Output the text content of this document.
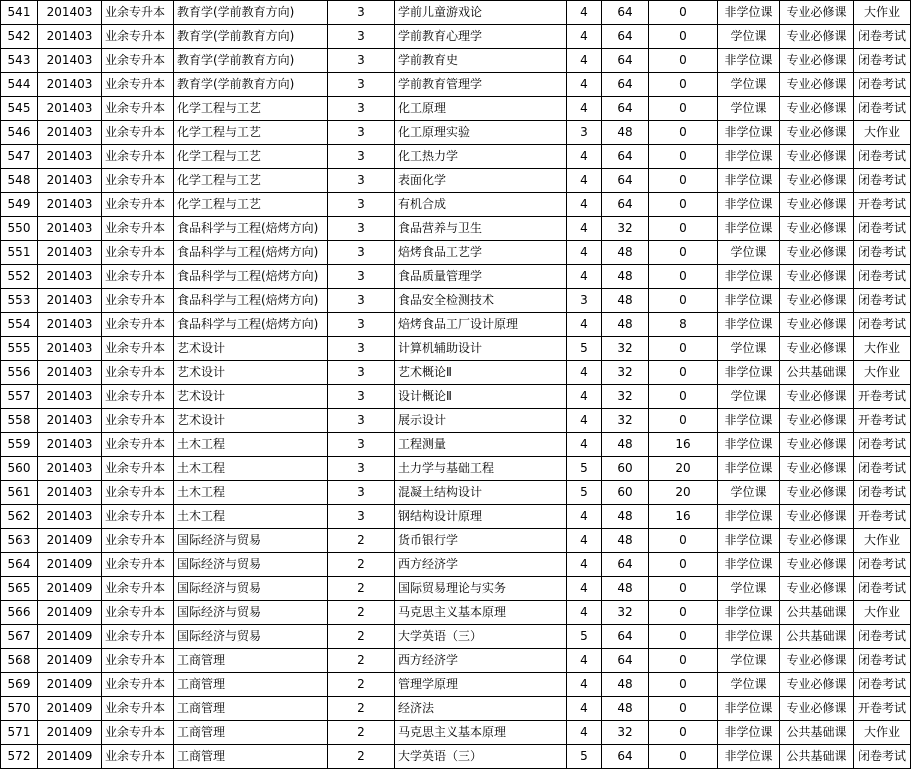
541	201403	业余专升本	教育学(学前教育方向)	3	学前儿童游戏论	4	64	0	非学位课	专业必修课	大作业
542	201403	业余专升本	教育学(学前教育方向)	3	学前教育心理学	4	64	0	学位课	专业必修课	闭卷考试
543	201403	业余专升本	教育学(学前教育方向)	3	学前教育史	4	64	0	非学位课	专业必修课	闭卷考试
544	201403	业余专升本	教育学(学前教育方向)	3	学前教育管理学	4	64	0	学位课	专业必修课	闭卷考试
545	201403	业余专升本	化学工程与工艺	3	化工原理	4	64	0	学位课	专业必修课	闭卷考试
546	201403	业余专升本	化学工程与工艺	3	化工原理实验	3	48	0	非学位课	专业必修课	大作业
547	201403	业余专升本	化学工程与工艺	3	化工热力学	4	64	0	非学位课	专业必修课	闭卷考试
548	201403	业余专升本	化学工程与工艺	3	表面化学	4	64	0	非学位课	专业必修课	闭卷考试
549	201403	业余专升本	化学工程与工艺	3	有机合成	4	64	0	非学位课	专业必修课	开卷考试
550	201403	业余专升本	食品科学与工程(焙烤方向)	3	食品营养与卫生	4	32	0	非学位课	专业必修课	闭卷考试
551	201403	业余专升本	食品科学与工程(焙烤方向)	3	焙烤食品工艺学	4	48	0	学位课	专业必修课	闭卷考试
552	201403	业余专升本	食品科学与工程(焙烤方向)	3	食品质量管理学	4	48	0	非学位课	专业必修课	闭卷考试
553	201403	业余专升本	食品科学与工程(焙烤方向)	3	食品安全检测技术	3	48	0	非学位课	专业必修课	闭卷考试
554	201403	业余专升本	食品科学与工程(焙烤方向)	3	焙烤食品工厂设计原理	4	48	8	非学位课	专业必修课	闭卷考试
555	201403	业余专升本	艺术设计	3	计算机辅助设计	5	32	0	学位课	专业必修课	大作业
556	201403	业余专升本	艺术设计	3	艺术概论Ⅱ	4	32	0	非学位课	公共基础课	大作业
557	201403	业余专升本	艺术设计	3	设计概论Ⅱ	4	32	0	学位课	专业必修课	开卷考试
558	201403	业余专升本	艺术设计	3	展示设计	4	32	0	非学位课	专业必修课	开卷考试
559	201403	业余专升本	土木工程	3	工程测量	4	48	16	非学位课	专业必修课	闭卷考试
560	201403	业余专升本	土木工程	3	土力学与基础工程	5	60	20	非学位课	专业必修课	闭卷考试
561	201403	业余专升本	土木工程	3	混凝土结构设计	5	60	20	学位课	专业必修课	闭卷考试
562	201403	业余专升本	土木工程	3	钢结构设计原理	4	48	16	非学位课	专业必修课	开卷考试
563	201409	业余专升本	国际经济与贸易	2	货币银行学	4	48	0	非学位课	专业必修课	大作业
564	201409	业余专升本	国际经济与贸易	2	西方经济学	4	64	0	非学位课	专业必修课	闭卷考试
565	201409	业余专升本	国际经济与贸易	2	国际贸易理论与实务	4	48	0	学位课	专业必修课	闭卷考试
566	201409	业余专升本	国际经济与贸易	2	马克思主义基本原理	4	32	0	非学位课	公共基础课	大作业
567	201409	业余专升本	国际经济与贸易	2	大学英语（三）	5	64	0	非学位课	公共基础课	闭卷考试
568	201409	业余专升本	工商管理	2	西方经济学	4	64	0	学位课	专业必修课	闭卷考试
569	201409	业余专升本	工商管理	2	管理学原理	4	48	0	学位课	专业必修课	闭卷考试
570	201409	业余专升本	工商管理	2	经济法	4	48	0	非学位课	专业必修课	开卷考试
571	201409	业余专升本	工商管理	2	马克思主义基本原理	4	32	0	非学位课	公共基础课	大作业
572	201409	业余专升本	工商管理	2	大学英语（三）	5	64	0	非学位课	公共基础课	闭卷考试
